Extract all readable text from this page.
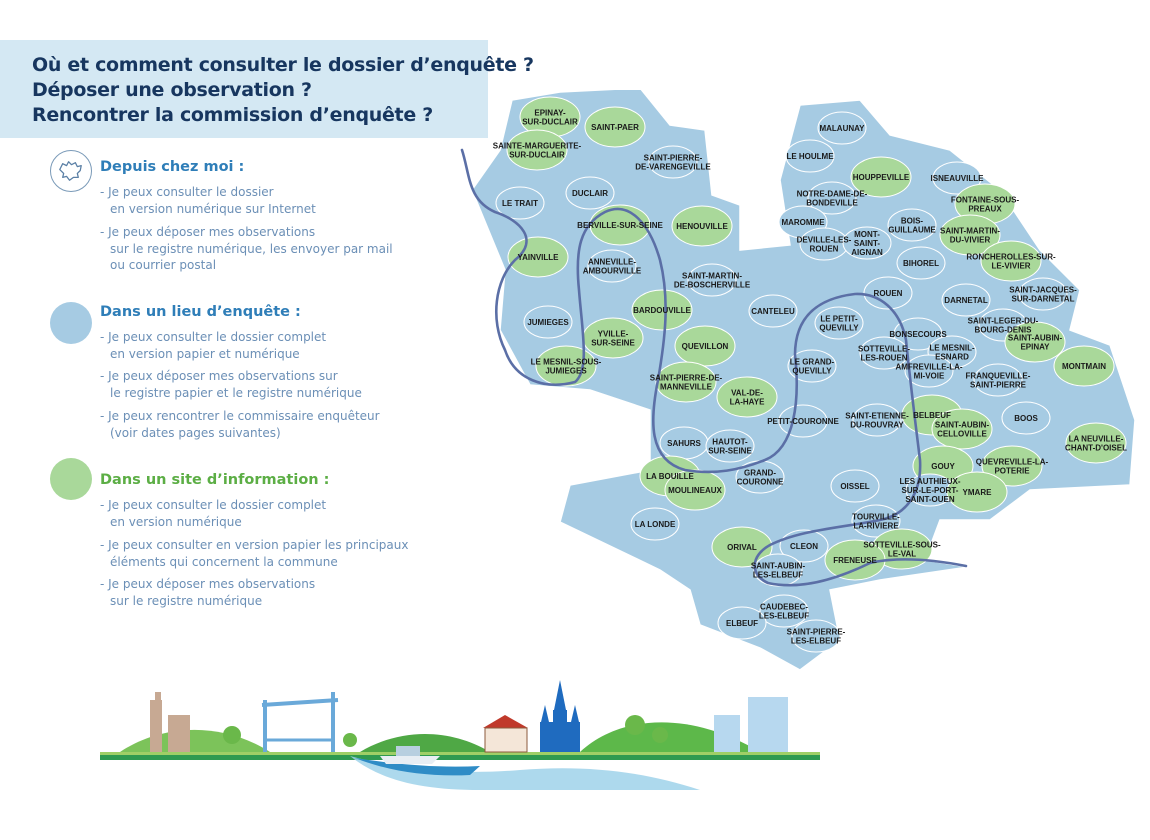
Où et comment consulter le dossier d’enquête ?
Déposer une observation ?
Rencontrer la commission d’enquête ?
Depuis chez moi :
- Je peux consulter le dossier
en version numérique sur Internet
- Je peux déposer mes observations
sur le registre numérique, les envoyer par mail
ou courrier postal
Dans un lieu d’enquête :
- Je peux consulter le dossier complet
en version papier et numérique
- Je peux déposer mes observations sur
le registre papier et le registre numérique
- Je peux rencontrer le commissaire enquêteur
(voir dates pages suivantes)
Dans un site d’information :
- Je peux consulter le dossier complet
en version numérique
- Je peux consulter en version papier les principaux
éléments qui concernent la commune
- Je peux déposer mes observations
sur le registre numérique
EPINAY-
SUR-DUCLAIR
SAINT-PAER
SAINTE-MARGUERITE-
SUR-DUCLAIR	SAINT-PIERRE-
DE-VARENGEVILLE
LE TRAIT
DUCLAIR
BERVILLE-SUR-SEINE HENOUVILLE
YAINVILLE	ANNEVILLE-
AMBOURVILLE
SAINT-MARTIN-
DE-BOSCHERVILLE
JUMIEGES
BARDOUVILLE
YVILLE-
SUR-SEINE	QUEVILLON
LE MESNIL-SOUS-
JUMIEGES
SAINT-PIERRE-DE-
MANNEVILLE
VAL-DE-
LA-HAYE
SAHURS HAUTOT-
SUR-SEINE
LA BOUILLE
MOULINEAUX
LA LONDE
MALAUNAY
LE HOULME
HOUPPEVILLE	ISNEAUVILLE
NOTRE-DAME-DE-
BONDEVILLE	FONTAINE-SOUS-
PREAUX
MAROMME	BOIS-
GUILLAUME SAINT-MARTIN-
DU-VIVIER
DEVILLE-LES-
ROUEN
MONT-
SAINT-
AIGNAN
BIHOREL
RONCHEROLLES-SUR-
LE-VIVIER
CANTELEU
ROUEN
DARNETAL
SAINT-JACQUES-
SUR-DARNETAL
LE PETIT-
QUEVILLY
BONSECOURS
SAINT-LEGER-DU-
BOURG-DENIS
SAINT-AUBIN-
EPINAY
SOTTEVILLE-
LES-ROUEN
LE MESNIL-
ESNARD
LE GRAND-
QUEVILLY	AMFREVILLE-LA-
MI-VOIE	FRANQUEVILLE-
SAINT-PIERRE
MONTMAIN
PETIT-COURONNE
SAINT-ETIENNE-
DU-ROUVRAY
BELBEUF	BOOS
SAINT-AUBIN-
CELLOVILLE
LA NEUVILLE-
CHANT-D'OISEL
GOUY	QUEVREVILLE-LA-
POTERIE
GRAND-
COURONNE	OISSEL
LES AUTHIEUX-
SUR-LE-PORT-
SAINT-OUEN
YMARE
TOURVILLE-
LA-RIVIERE
ORIVAL	CLEON	SOTTEVILLE-SOUS-
LE-VAL
FRENEUSE
SAINT-AUBIN-
LES-ELBEUF
CAUDEBEC-
LES-ELBEUF
ELBEUF
SAINT-PIERRE-
LES-ELBEUF
